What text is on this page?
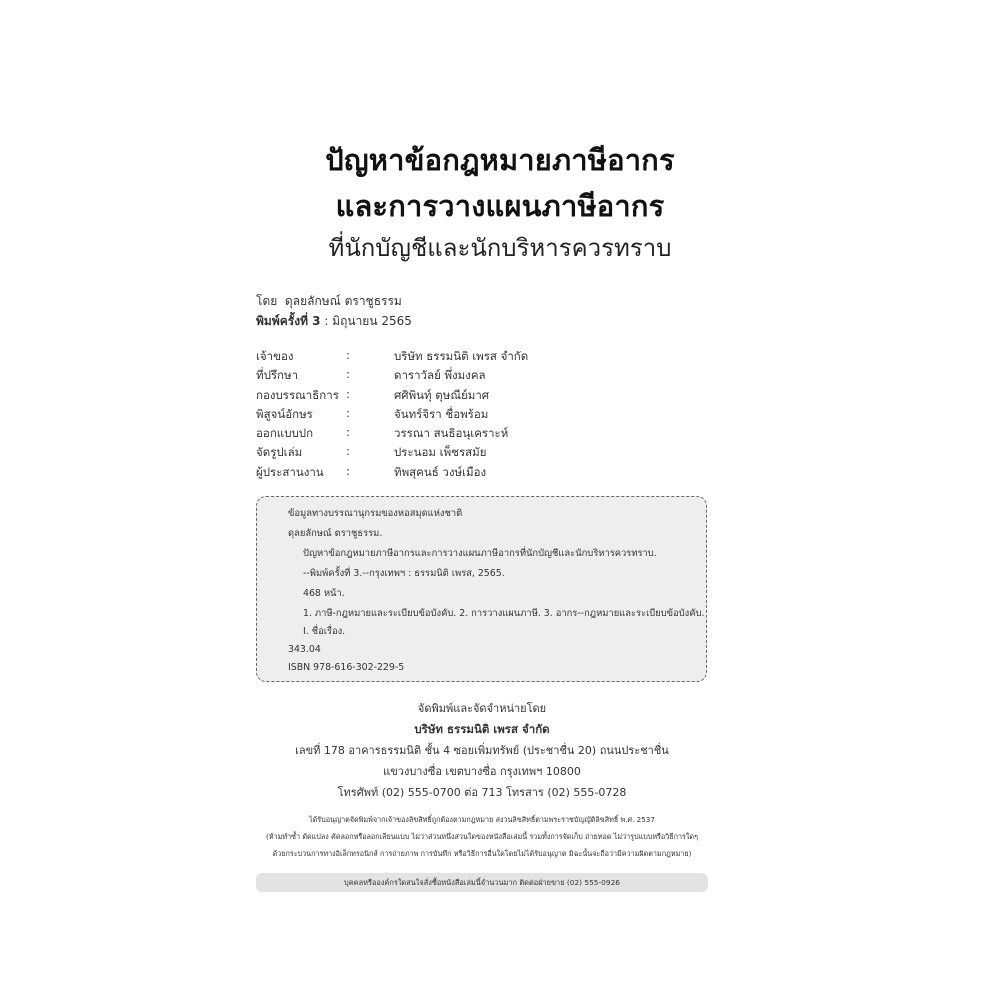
ปัญหาข้อกฎหมายภาษีอากร
และการวางแผนภาษีอากร
ที่นักบัญชีและนักบริหารควรทราบ
โดย ดุลยลักษณ์ ตราชูธรรม
พิมพ์ครั้งที่ 3 : มิถุนายน 2565
เจ้าของ	:	บริษัท ธรรมนิติ เพรส จำกัด
ที่ปรึกษา	:	ดาราวัลย์ พึ่งมงคล
กองบรรณาธิการ :	ศศิพินทุ์ ตุษณีย์มาศ
พิสูจน์อักษร	:	จันทร์จิรา ชื่อพร้อม
ออกแบบปก	:	วรรณา สนธิอนุเคราะห์
จัดรูปเล่ม	:	ประนอม เพ็ชรสมัย
ผู้ประสานงาน :	ทิพสุคนธ์ วงษ์เมือง
ข้อมูลทางบรรณานุกรมของหอสมุดแห่งชาติ
ดุลยลักษณ์ ตราชูธรรม.
ปัญหาข้อกฎหมายภาษีอากรและการวางแผนภาษีอากรที่นักบัญชีและนักบริหารควรทราบ.
--พิมพ์ครั้งที่ 3.--กรุงเทพฯ : ธรรมนิติ เพรส, 2565.
468 หน้า.
1. ภาษี-กฎหมายและระเบียบข้อบังคับ. 2. การวางแผนภาษี. 3. อากร--กฎหมายและระเบียบข้อบังคับ.
I. ชื่อเรื่อง.
343.04
ISBN 978-616-302-229-5
จัดพิมพ์และจัดจำหน่ายโดย
บริษัท ธรรมนิติ เพรส จำกัด
เลขที่ 178 อาคารธรรมนิติ ชั้น 4 ซอยเพิ่มทรัพย์ (ประชาชื่น 20) ถนนประชาชื่น
แขวงบางซื่อ เขตบางซื่อ กรุงเทพฯ 10800
โทรศัพท์ (02) 555-0700 ต่อ 713 โทรสาร (02) 555-0728
ได้รับอนุญาตจัดพิมพ์จากเจ้าของลิขสิทธิ์ถูกต้องตามกฎหมาย สงวนลิขสิทธิ์ตามพระราชบัญญัติลิขสิทธิ์ พ.ศ. 2537
(ห้ามทำซ้ำ ดัดแปลง คัดลอกหรือลอกเลียนแบบ ไม่ว่าส่วนหนึ่งส่วนใดของหนังสือเล่มนี้ รวมทั้งการจัดเก็บ ถ่ายทอด ไม่ว่ารูปแบบหรือวิธีการใดๆ
ด้วยกระบวนการทางอิเล็กทรอนิกส์ การถ่ายภาพ การบันทึก หรือวิธีการอื่นใดโดยไม่ได้รับอนุญาต มิฉะนั้นจะถือว่ามีความผิดตามกฎหมาย)
บุคคลหรือองค์กรใดสนใจสั่งซื้อหนังสือเล่มนี้จำนวนมาก ติดต่อฝ่ายขาย (02) 555-0926
